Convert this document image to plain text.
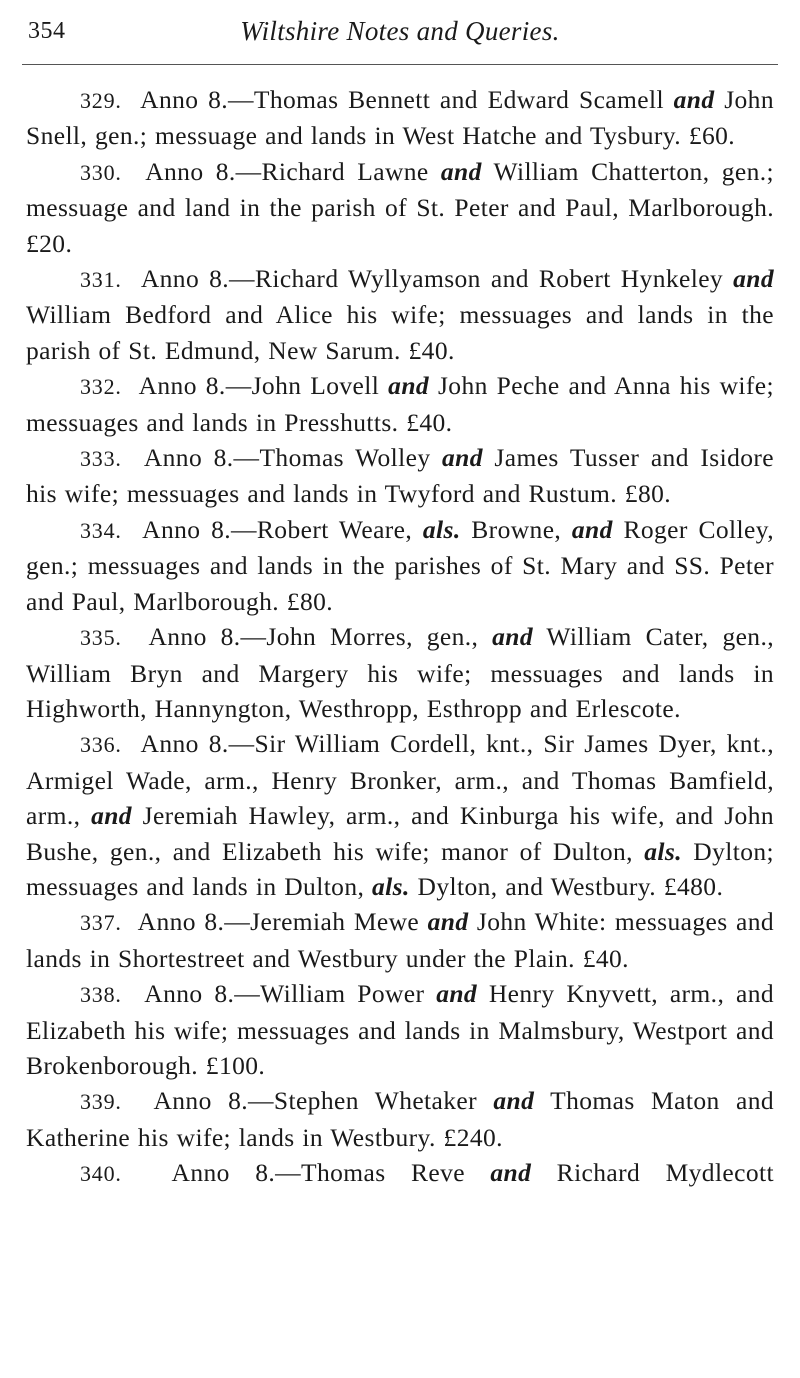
354	Wiltshire Notes and Queries.

329. Anno 8.—Thomas Bennett and Edward Scamell and John Snell, gen.; messuage and lands in West Hatche and Tysbury. £60.

330. Anno 8.—Richard Lawne and William Chatterton, gen.; messuage and land in the parish of St. Peter and Paul, Marlborough. £20.

331. Anno 8.—Richard Wyllyamson and Robert Hynkeley and William Bedford and Alice his wife; messuages and lands in the parish of St. Edmund, New Sarum. £40.

332. Anno 8.—John Lovell and John Peche and Anna his wife; messuages and lands in Presshutts. £40.

333. Anno 8.—Thomas Wolley and James Tusser and Isidore his wife; messuages and lands in Twyford and Rustum. £80.

334. Anno 8.—Robert Weare, als. Browne, and Roger Colley, gen.; messuages and lands in the parishes of St. Mary and SS. Peter and Paul, Marlborough. £80.

335. Anno 8.—John Morres, gen., and William Cater, gen., William Bryn and Margery his wife; messuages and lands in Highworth, Hannyngton, Westhropp, Esthropp and Erlescote.

336. Anno 8.—Sir William Cordell, knt., Sir James Dyer, knt., Armigel Wade, arm., Henry Bronker, arm., and Thomas Bamfield, arm., and Jeremiah Hawley, arm., and Kinburga his wife, and John Bushe, gen., and Elizabeth his wife; manor of Dulton, als. Dylton; messuages and lands in Dulton, als. Dylton, and Westbury. £480.

337. Anno 8.—Jeremiah Mewe and John White: messuages and lands in Shortestreet and Westbury under the Plain. £40.

338. Anno 8.—William Power and Henry Knyvett, arm., and Elizabeth his wife; messuages and lands in Malmsbury, Westport and Brokenborough. £100.

339. Anno 8.—Stephen Whetaker and Thomas Maton and Katherine his wife; lands in Westbury. £240.

340. Anno 8.—Thomas Reve and Richard Mydlecott
